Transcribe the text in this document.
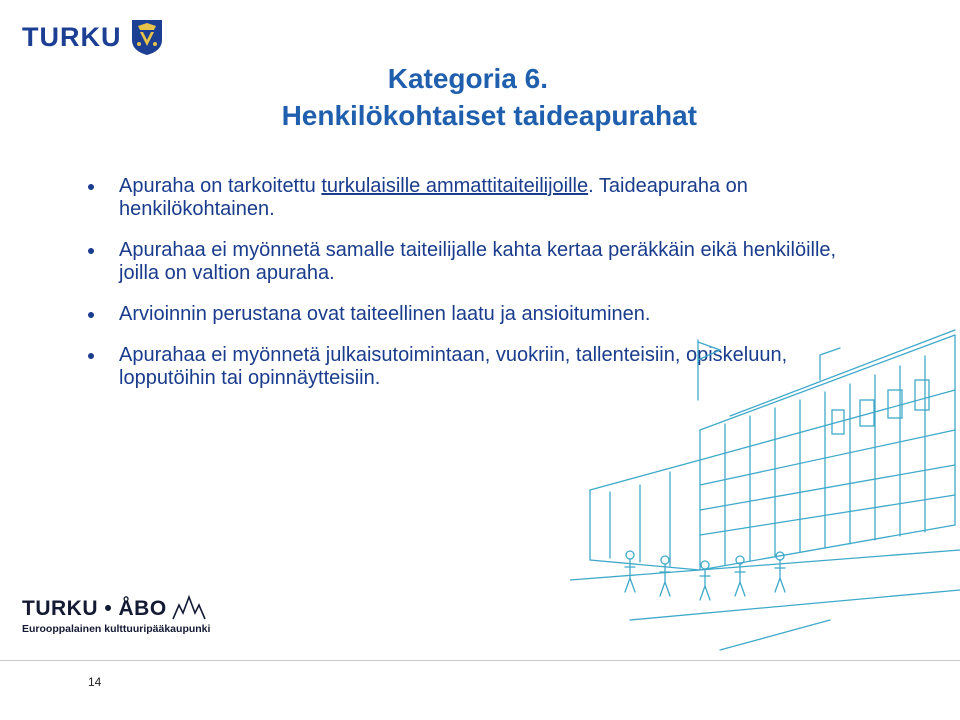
TURKU
Kategoria 6.
Henkilökohtaiset taideapurahat
Apuraha on tarkoitettu turkulaisille ammattitaiteilijoille. Taideapuraha on henkilökohtainen.
Apurahaa ei myönnetä samalle taiteilijalle kahta kertaa peräkkäin eikä henkilöille, joilla on valtion apuraha.
Arvioinnin perustana ovat taiteellinen laatu ja ansioituminen.
Apurahaa ei myönnetä julkaisutoimintaan, vuokriin, tallenteisiin, opiskeluun, lopputöihin tai opinnäytteisiin.
TURKU • ÅBO
Eurooppalainen kulttuuripääkaupunki
14
